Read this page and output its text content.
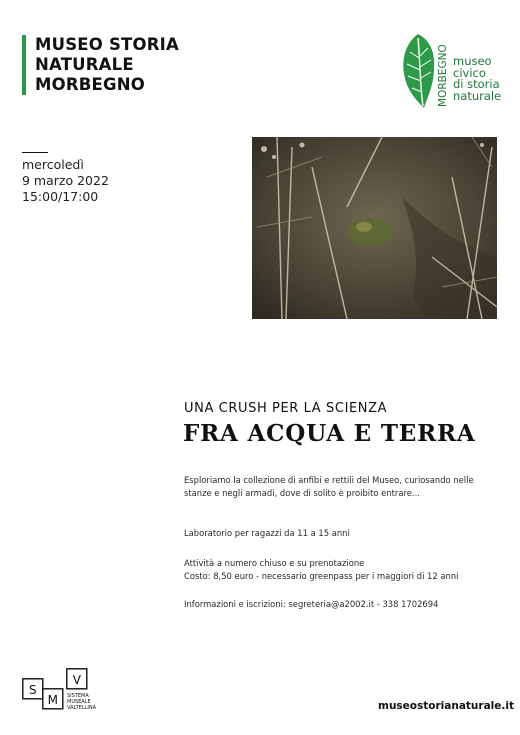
MUSEO STORIA
NATURALE
MORBEGNO	MORBEGNO museo
civico
di storia
naturale
mercoledì
9 marzo 2022
15:00/17:00
UNA CRUSH PER LA SCIENZA
FRA ACQUA E TERRA
Esploriamo la collezione di anfibi e rettili del Museo, curiosando nelle
stanze e negli armadi, dove di solito è proibito entrare...
Laboratorio per ragazzi da 11 a 15 anni
Attività a numero chiuso e su prenotazione
Costo: 8,50 euro - necessario greenpass per i maggiori di 12 anni
Informazioni e iscrizioni: segreteria@a2002.it - 338 1702694
S
M
V
SISTEMA
MUSEALE
VALTELLINA	museostorianaturale.it
